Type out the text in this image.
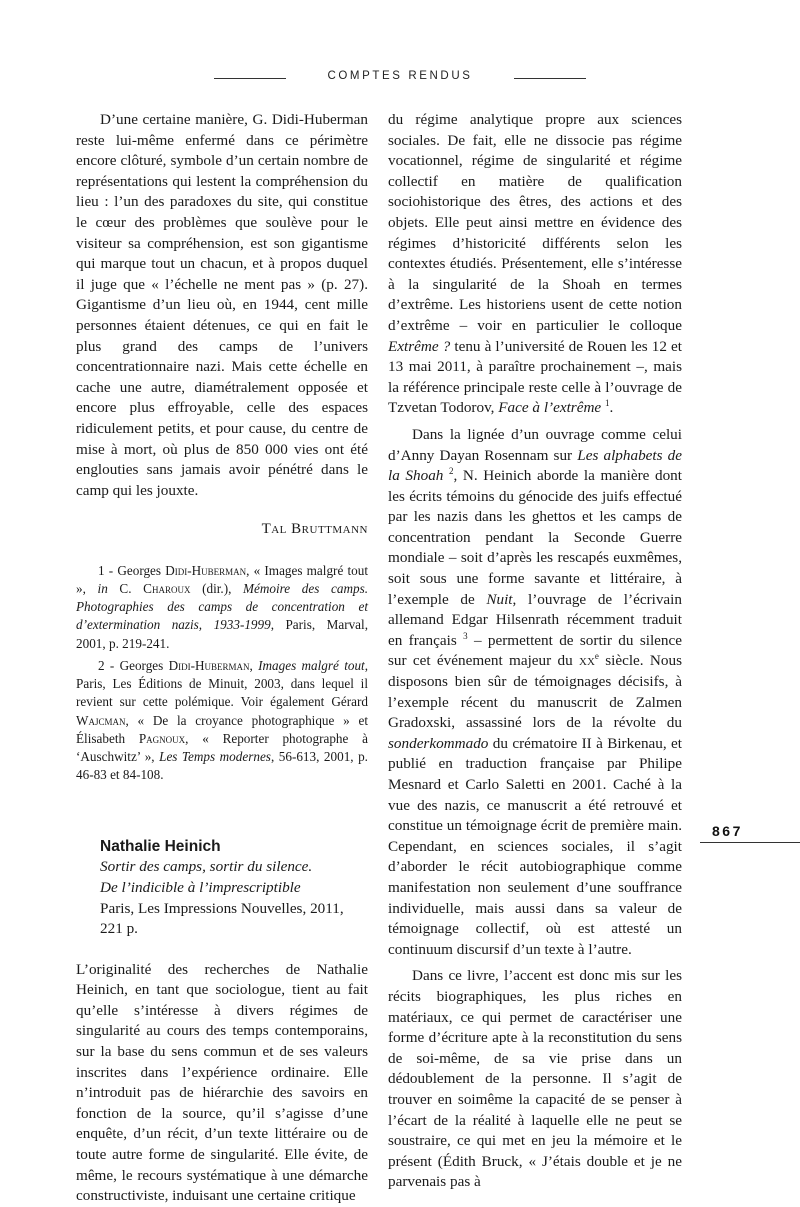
COMPTES RENDUS

D’une certaine manière, G. Didi-Huberman reste lui-même enfermé dans ce périmètre encore clôturé, symbole d’un certain nombre de représentations qui lestent la compréhension du lieu : l’un des paradoxes du site, qui constitue le cœur des problèmes que soulève pour le visiteur sa compréhension, est son gigantisme qui marque tout un chacun, et à propos duquel il juge que « l’échelle ne ment pas » (p. 27). Gigantisme d’un lieu où, en 1944, cent mille personnes étaient détenues, ce qui en fait le plus grand des camps de l’univers concentrationnaire nazi. Mais cette échelle en cache une autre, diamétralement opposée et encore plus effroyable, celle des espaces ridiculement petits, et pour cause, du centre de mise à mort, où plus de 850 000 vies ont été englouties sans jamais avoir pénétré dans le camp qui les jouxte.

Tal Bruttmann

1 - Georges Didi-Huberman, « Images malgré tout », in C. Charoux (dir.), Mémoire des camps. Photographies des camps de concentration et d’extermination nazis, 1933-1999, Paris, Marval, 2001, p. 219-241.

2 - Georges Didi-Huberman, Images malgré tout, Paris, Les Éditions de Minuit, 2003, dans lequel il revient sur cette polémique. Voir également Gérard Wajcman, « De la croyance photographique » et Élisabeth Pagnoux, « Reporter photographe à ‘Auschwitz’ », Les Temps modernes, 56-613, 2001, p. 46-83 et 84-108.

Nathalie Heinich
Sortir des camps, sortir du silence.
De l’indicible à l’imprescriptible
Paris, Les Impressions Nouvelles, 2011,
221 p.

L’originalité des recherches de Nathalie Heinich, en tant que sociologue, tient au fait qu’elle s’intéresse à divers régimes de singularité au cours des temps contemporains, sur la base du sens commun et de ses valeurs inscrites dans l’expérience ordinaire. Elle n’introduit pas de hiérarchie des savoirs en fonction de la source, qu’il s’agisse d’une enquête, d’un récit, d’un texte littéraire ou de toute autre forme de singularité. Elle évite, de même, le recours systématique à une démarche constructiviste, induisant une certaine critique

du régime analytique propre aux sciences sociales. De fait, elle ne dissocie pas régime vocationnel, régime de singularité et régime collectif en matière de qualification sociohistorique des êtres, des actions et des objets. Elle peut ainsi mettre en évidence des régimes d’historicité différents selon les contextes étudiés. Présentement, elle s’intéresse à la singularité de la Shoah en termes d’extrême. Les historiens usent de cette notion d’extrême – voir en particulier le colloque Extrême ? tenu à l’université de Rouen les 12 et 13 mai 2011, à paraître prochainement –, mais la référence principale reste celle à l’ouvrage de Tzvetan Todorov, Face à l’extrême $^1$.

Dans la lignée d’un ouvrage comme celui d’Anny Dayan Rosennam sur Les alphabets de la Shoah $^2$, N. Heinich aborde la manière dont les écrits témoins du génocide des juifs effectué par les nazis dans les ghettos et les camps de concentration pendant la Seconde Guerre mondiale – soit d’après les rescapés euxmêmes, soit sous une forme savante et littéraire, à l’exemple de Nuit, l’ouvrage de l’écrivain allemand Edgar Hilsenrath récemment traduit en français $^3$ – permettent de sortir du silence sur cet événement majeur du $xx^e$ siècle. Nous disposons bien sûr de témoignages décisifs, à l’exemple récent du manuscrit de Zalmen Gradoxski, assassiné lors de la révolte du sonderkommado du crématoire II à Birkenau, et publié en traduction française par Philipe Mesnard et Carlo Saletti en 2001. Caché à la vue des nazis, ce manuscrit a été retrouvé et constitue un témoignage écrit de première main. Cependant, en sciences sociales, il s’agit d’aborder le récit autobiographique comme manifestation non seulement d’une souffrance individuelle, mais aussi dans sa valeur de témoignage collectif, où est attesté un continuum discursif d’un texte à l’autre.

Dans ce livre, l’accent est donc mis sur les récits biographiques, les plus riches en matériaux, ce qui permet de caractériser une forme d’écriture apte à la reconstitution du sens de soi-même, de sa vie prise dans un dédoublement de la personne. Il s’agit de trouver en soimême la capacité de se penser à l’écart de la réalité à laquelle elle ne peut se soustraire, ce qui met en jeu la mémoire et le présent (Édith Bruck, « J’étais double et je ne parvenais pas à

867
